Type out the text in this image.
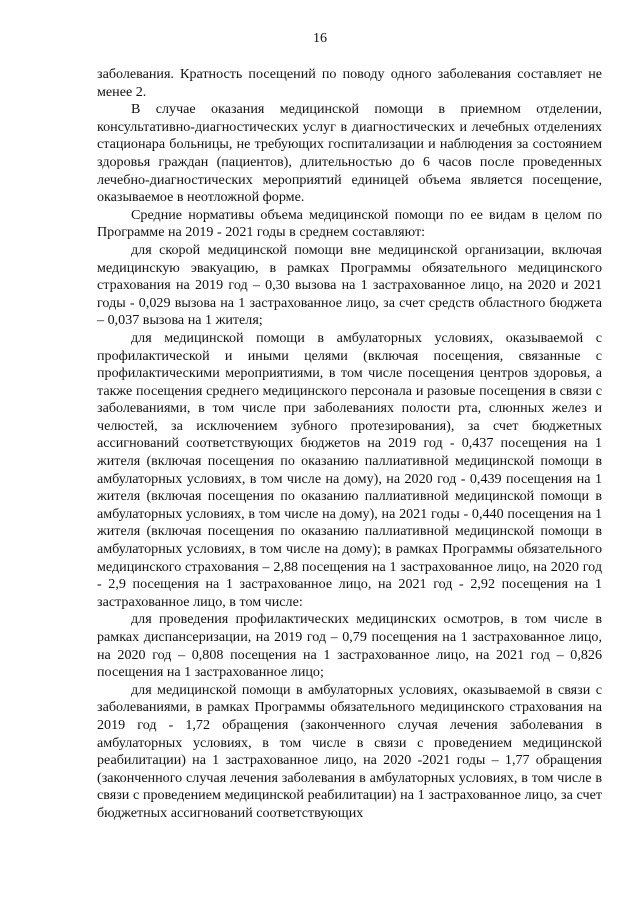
16

заболевания. Кратность посещений по поводу одного заболевания составляет не менее 2.

В случае оказания медицинской помощи в приемном отделении, консультативно-диагностических услуг в диагностических и лечебных отделениях стационара больницы, не требующих госпитализации и наблюдения за состоянием здоровья граждан (пациентов), длительностью до 6 часов после проведенных лечебно-диагностических мероприятий единицей объема является посещение, оказываемое в неотложной форме.

Средние нормативы объема медицинской помощи по ее видам в целом по Программе на 2019 - 2021 годы в среднем составляют:

для скорой медицинской помощи вне медицинской организации, включая медицинскую эвакуацию, в рамках Программы обязательного медицинского страхования на 2019 год – 0,30 вызова на 1 застрахованное лицо, на 2020 и 2021 годы - 0,029 вызова на 1 застрахованное лицо, за счет средств областного бюджета – 0,037 вызова на 1 жителя;

для медицинской помощи в амбулаторных условиях, оказываемой с профилактической и иными целями (включая посещения, связанные с профилактическими мероприятиями, в том числе посещения центров здоровья, а также посещения среднего медицинского персонала и разовые посещения в связи с заболеваниями, в том числе при заболеваниях полости рта, слюнных желез и челюстей, за исключением зубного протезирования), за счет бюджетных ассигнований соответствующих бюджетов на 2019 год - 0,437 посещения на 1 жителя (включая посещения по оказанию паллиативной медицинской помощи в амбулаторных условиях, в том числе на дому), на 2020 год - 0,439 посещения на 1 жителя (включая посещения по оказанию паллиативной медицинской помощи в амбулаторных условиях, в том числе на дому), на 2021 годы - 0,440 посещения на 1 жителя (включая посещения по оказанию паллиативной медицинской помощи в амбулаторных условиях, в том числе на дому); в рамках Программы обязательного медицинского страхования – 2,88 посещения на 1 застрахованное лицо, на 2020 год - 2,9 посещения на 1 застрахованное лицо, на 2021 год - 2,92 посещения на 1 застрахованное лицо, в том числе:

для проведения профилактических медицинских осмотров, в том числе в рамках диспансеризации, на 2019 год – 0,79 посещения на 1 застрахованное лицо, на 2020 год – 0,808 посещения на 1 застрахованное лицо, на 2021 год – 0,826 посещения на 1 застрахованное лицо;

для медицинской помощи в амбулаторных условиях, оказываемой в связи с заболеваниями, в рамках Программы обязательного медицинского страхования на 2019 год - 1,72 обращения (законченного случая лечения заболевания в амбулаторных условиях, в том числе в связи с проведением медицинской реабилитации) на 1 застрахованное лицо, на 2020 -2021 годы – 1,77 обращения (законченного случая лечения заболевания в амбулаторных условиях, в том числе в связи с проведением медицинской реабилитации) на 1 застрахованное лицо, за счет бюджетных ассигнований соответствующих
